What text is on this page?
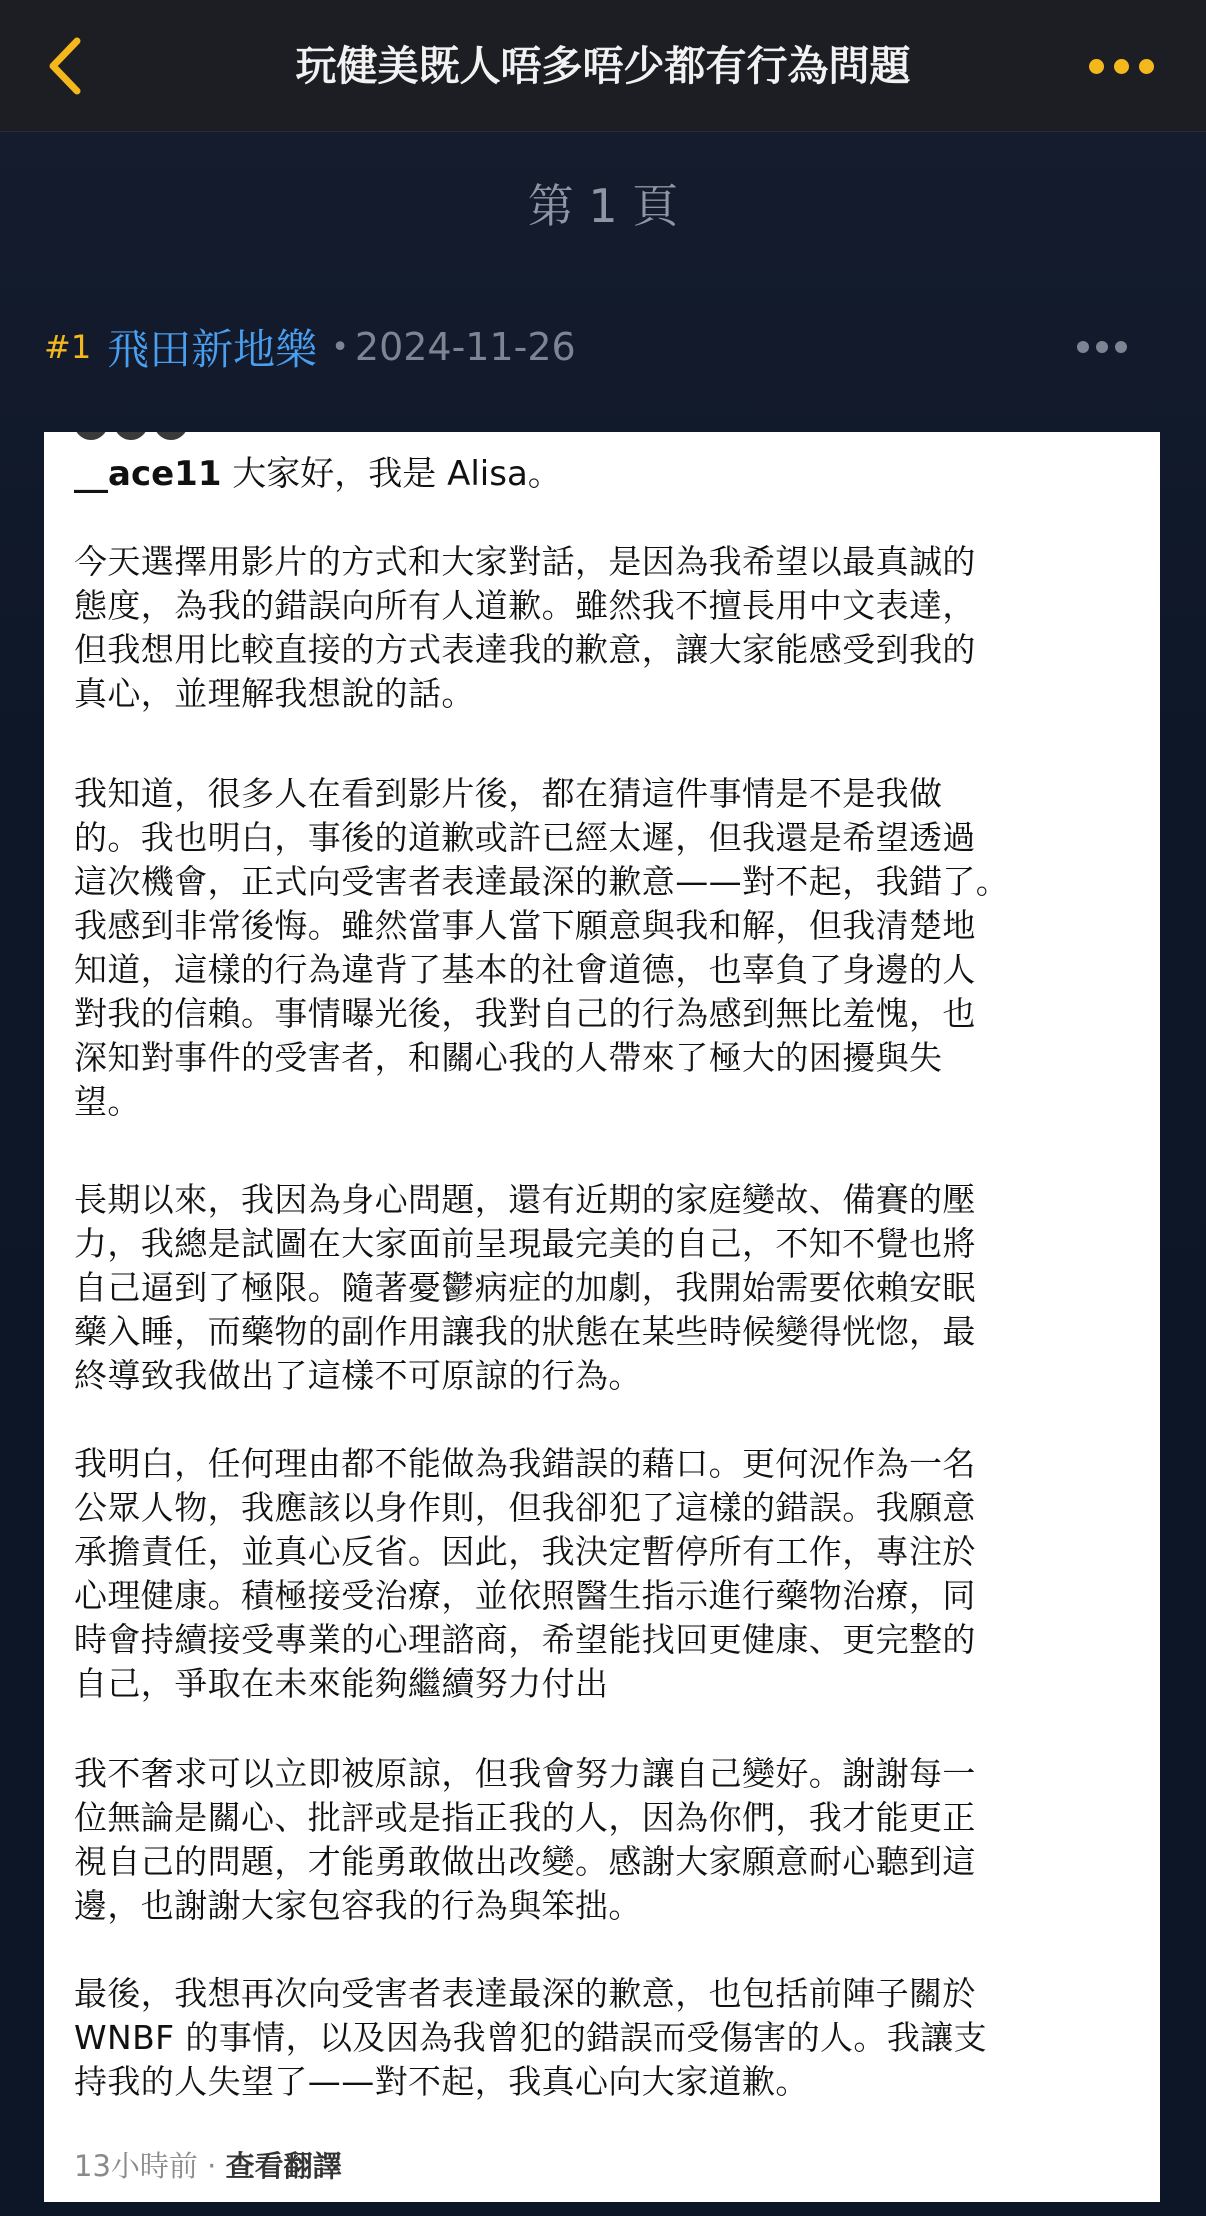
玩健美既人唔多唔少都有行為問題
第 1 頁
#1 飛田新地樂 • 2024-11-26
__ace11 大家好，我是 Alisa。
今天選擇用影片的方式和大家對話，是因為我希望以最真誠的
態度，為我的錯誤向所有人道歉。雖然我不擅長用中文表達，
但我想用比較直接的方式表達我的歉意，讓大家能感受到我的
真心，並理解我想說的話。
我知道，很多人在看到影片後，都在猜這件事情是不是我做
的。我也明白，事後的道歉或許已經太遲，但我還是希望透過
這次機會，正式向受害者表達最深的歉意——對不起，我錯了。
我感到非常後悔。雖然當事人當下願意與我和解，但我清楚地
知道，這樣的行為違背了基本的社會道德，也辜負了身邊的人
對我的信賴。事情曝光後，我對自己的行為感到無比羞愧，也
深知對事件的受害者，和關心我的人帶來了極大的困擾與失
望。
長期以來，我因為身心問題，還有近期的家庭變故、備賽的壓
力，我總是試圖在大家面前呈現最完美的自己，不知不覺也將
自己逼到了極限。隨著憂鬱病症的加劇，我開始需要依賴安眠
藥入睡，而藥物的副作用讓我的狀態在某些時候變得恍惚，最
終導致我做出了這樣不可原諒的行為。
我明白，任何理由都不能做為我錯誤的藉口。更何況作為一名
公眾人物，我應該以身作則，但我卻犯了這樣的錯誤。我願意
承擔責任，並真心反省。因此，我決定暫停所有工作，專注於
心理健康。積極接受治療，並依照醫生指示進行藥物治療，同
時會持續接受專業的心理諮商，希望能找回更健康、更完整的
自己，爭取在未來能夠繼續努力付出
我不奢求可以立即被原諒，但我會努力讓自己變好。謝謝每一
位無論是關心、批評或是指正我的人，因為你們，我才能更正
視自己的問題，才能勇敢做出改變。感謝大家願意耐心聽到這
邊，也謝謝大家包容我的行為與笨拙。
最後，我想再次向受害者表達最深的歉意，也包括前陣子關於
WNBF 的事情，以及因為我曾犯的錯誤而受傷害的人。我讓支
持我的人失望了——對不起，我真心向大家道歉。
13小時前 · 查看翻譯
